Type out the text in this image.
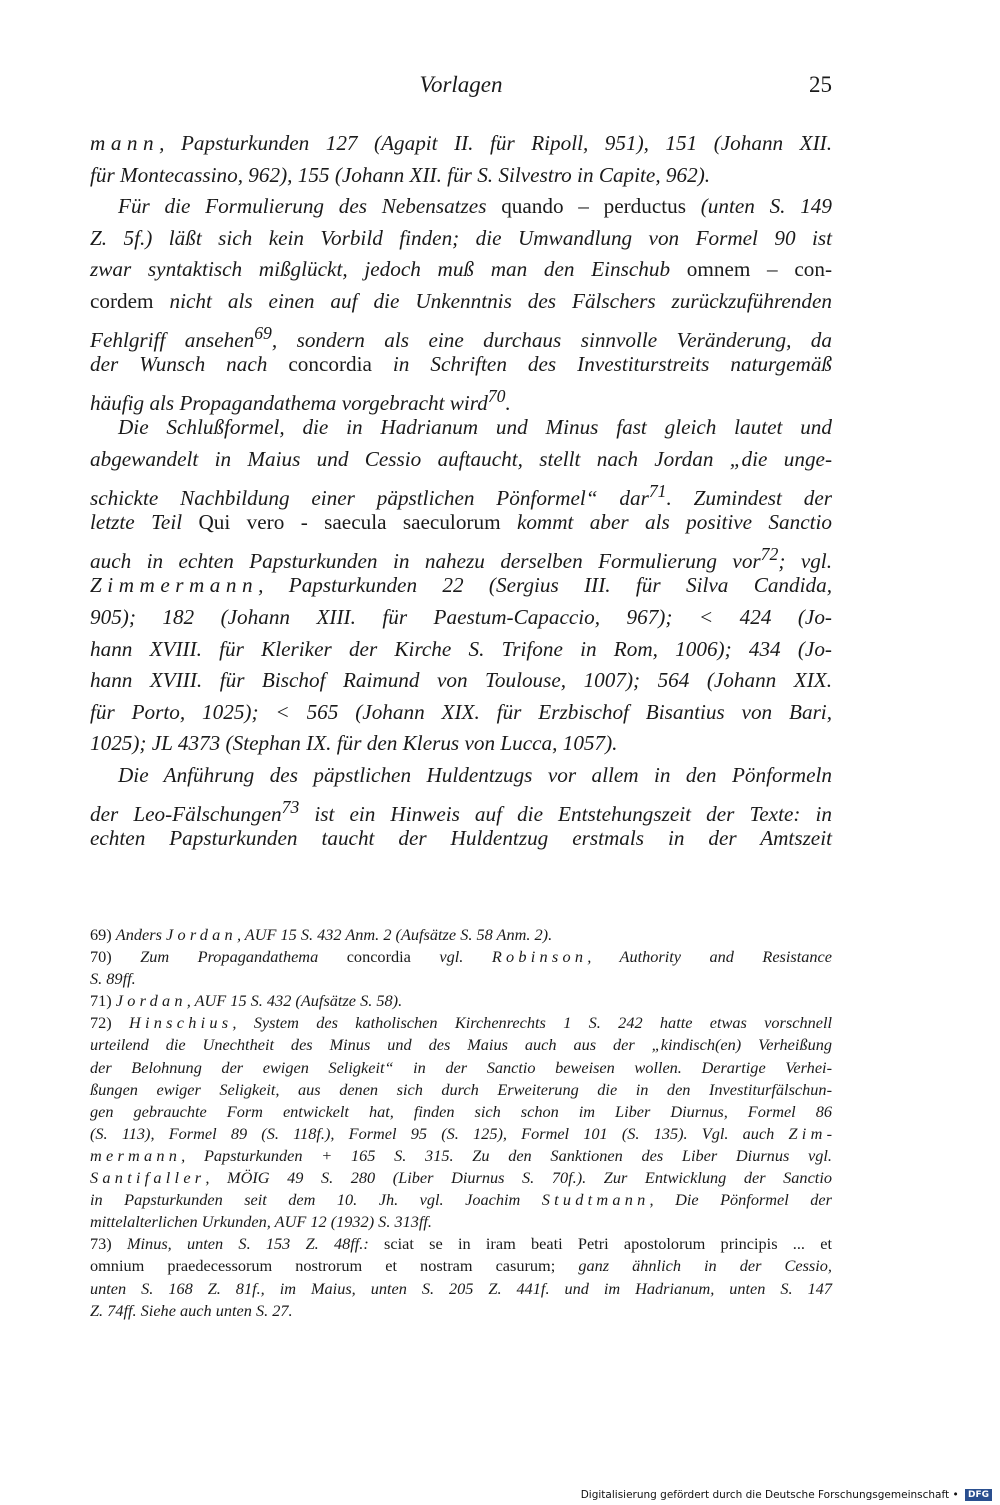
Vorlagen	25
mann, Papsturkunden 127 (Agapit II. für Ripoll, 951), 151 (Johann XII.
für Montecassino, 962), 155 (Johann XII. für S. Silvestro in Capite, 962).
Für die Formulierung des Nebensatzes quando – perductus (unten S. 149
Z. 5f.) läßt sich kein Vorbild finden; die Umwandlung von Formel 90 ist
zwar syntaktisch mißglückt, jedoch muß man den Einschub omnem – con-
cordem nicht als einen auf die Unkenntnis des Fälschers zurückzuführenden
Fehlgriff ansehen$^{69}$, sondern als eine durchaus sinnvolle Veränderung, da
der Wunsch nach concordia in Schriften des Investiturstreits naturgemäß
häufig als Propagandathema vorgebracht wird$^{70}$.
Die Schlußformel, die in Hadrianum und Minus fast gleich lautet und
abgewandelt in Maius und Cessio auftaucht, stellt nach Jordan „die unge-
schickte Nachbildung einer päpstlichen Pönformel“ dar$^{71}$. Zumindest der
letzte Teil Qui vero - saecula saeculorum kommt aber als positive Sanctio
auch in echten Papsturkunden in nahezu derselben Formulierung vor$^{72}$; vgl.
Zimmermann, Papsturkunden 22 (Sergius III. für Silva Candida,
905); 182 (Johann XIII. für Paestum-Capaccio, 967); < 424 (Jo-
hann XVIII. für Kleriker der Kirche S. Trifone in Rom, 1006); 434 (Jo-
hann XVIII. für Bischof Raimund von Toulouse, 1007); 564 (Johann XIX.
für Porto, 1025); < 565 (Johann XIX. für Erzbischof Bisantius von Bari,
1025); JL 4373 (Stephan IX. für den Klerus von Lucca, 1057).
Die Anführung des päpstlichen Huldentzugs vor allem in den Pönformeln
der Leo-Fälschungen$^{73}$ ist ein Hinweis auf die Entstehungszeit der Texte: in
echten Papsturkunden taucht der Huldentzug erstmals in der Amtszeit
69) Anders Jordan, AUF 15 S. 432 Anm. 2 (Aufsätze S. 58 Anm. 2).
70) Zum Propagandathema concordia vgl. Robinson, Authority and Resistance
S. 89ff.
71) Jordan, AUF 15 S. 432 (Aufsätze S. 58).
72) Hinschius, System des katholischen Kirchenrechts 1 S. 242 hatte etwas vorschnell
urteilend die Unechtheit des Minus und des Maius auch aus der „kindisch(en) Verheißung
der Belohnung der ewigen Seligkeit“ in der Sanctio beweisen wollen. Derartige Verhei-
ßungen ewiger Seligkeit, aus denen sich durch Erweiterung die in den Investiturfälschun-
gen gebrauchte Form entwickelt hat, finden sich schon im Liber Diurnus, Formel 86
(S. 113), Formel 89 (S. 118f.), Formel 95 (S. 125), Formel 101 (S. 135). Vgl. auch Zim-
mermann, Papsturkunden + 165 S. 315. Zu den Sanktionen des Liber Diurnus vgl.
Santifaller, MÖIG 49 S. 280 (Liber Diurnus S. 70f.). Zur Entwicklung der Sanctio
in Papsturkunden seit dem 10. Jh. vgl. Joachim Studtmann, Die Pönformel der
mittelalterlichen Urkunden, AUF 12 (1932) S. 313ff.
73) Minus, unten S. 153 Z. 48ff.: sciat se in iram beati Petri apostolorum principis ... et
omnium praedecessorum nostrorum et nostram casurum; ganz ähnlich in der Cessio,
unten S. 168 Z. 81f., im Maius, unten S. 205 Z. 441f. und im Hadrianum, unten S. 147
Z. 74ff. Siehe auch unten S. 27.
Digitalisierung gefördert durch die Deutsche Forschungsgemeinschaft • DFG
